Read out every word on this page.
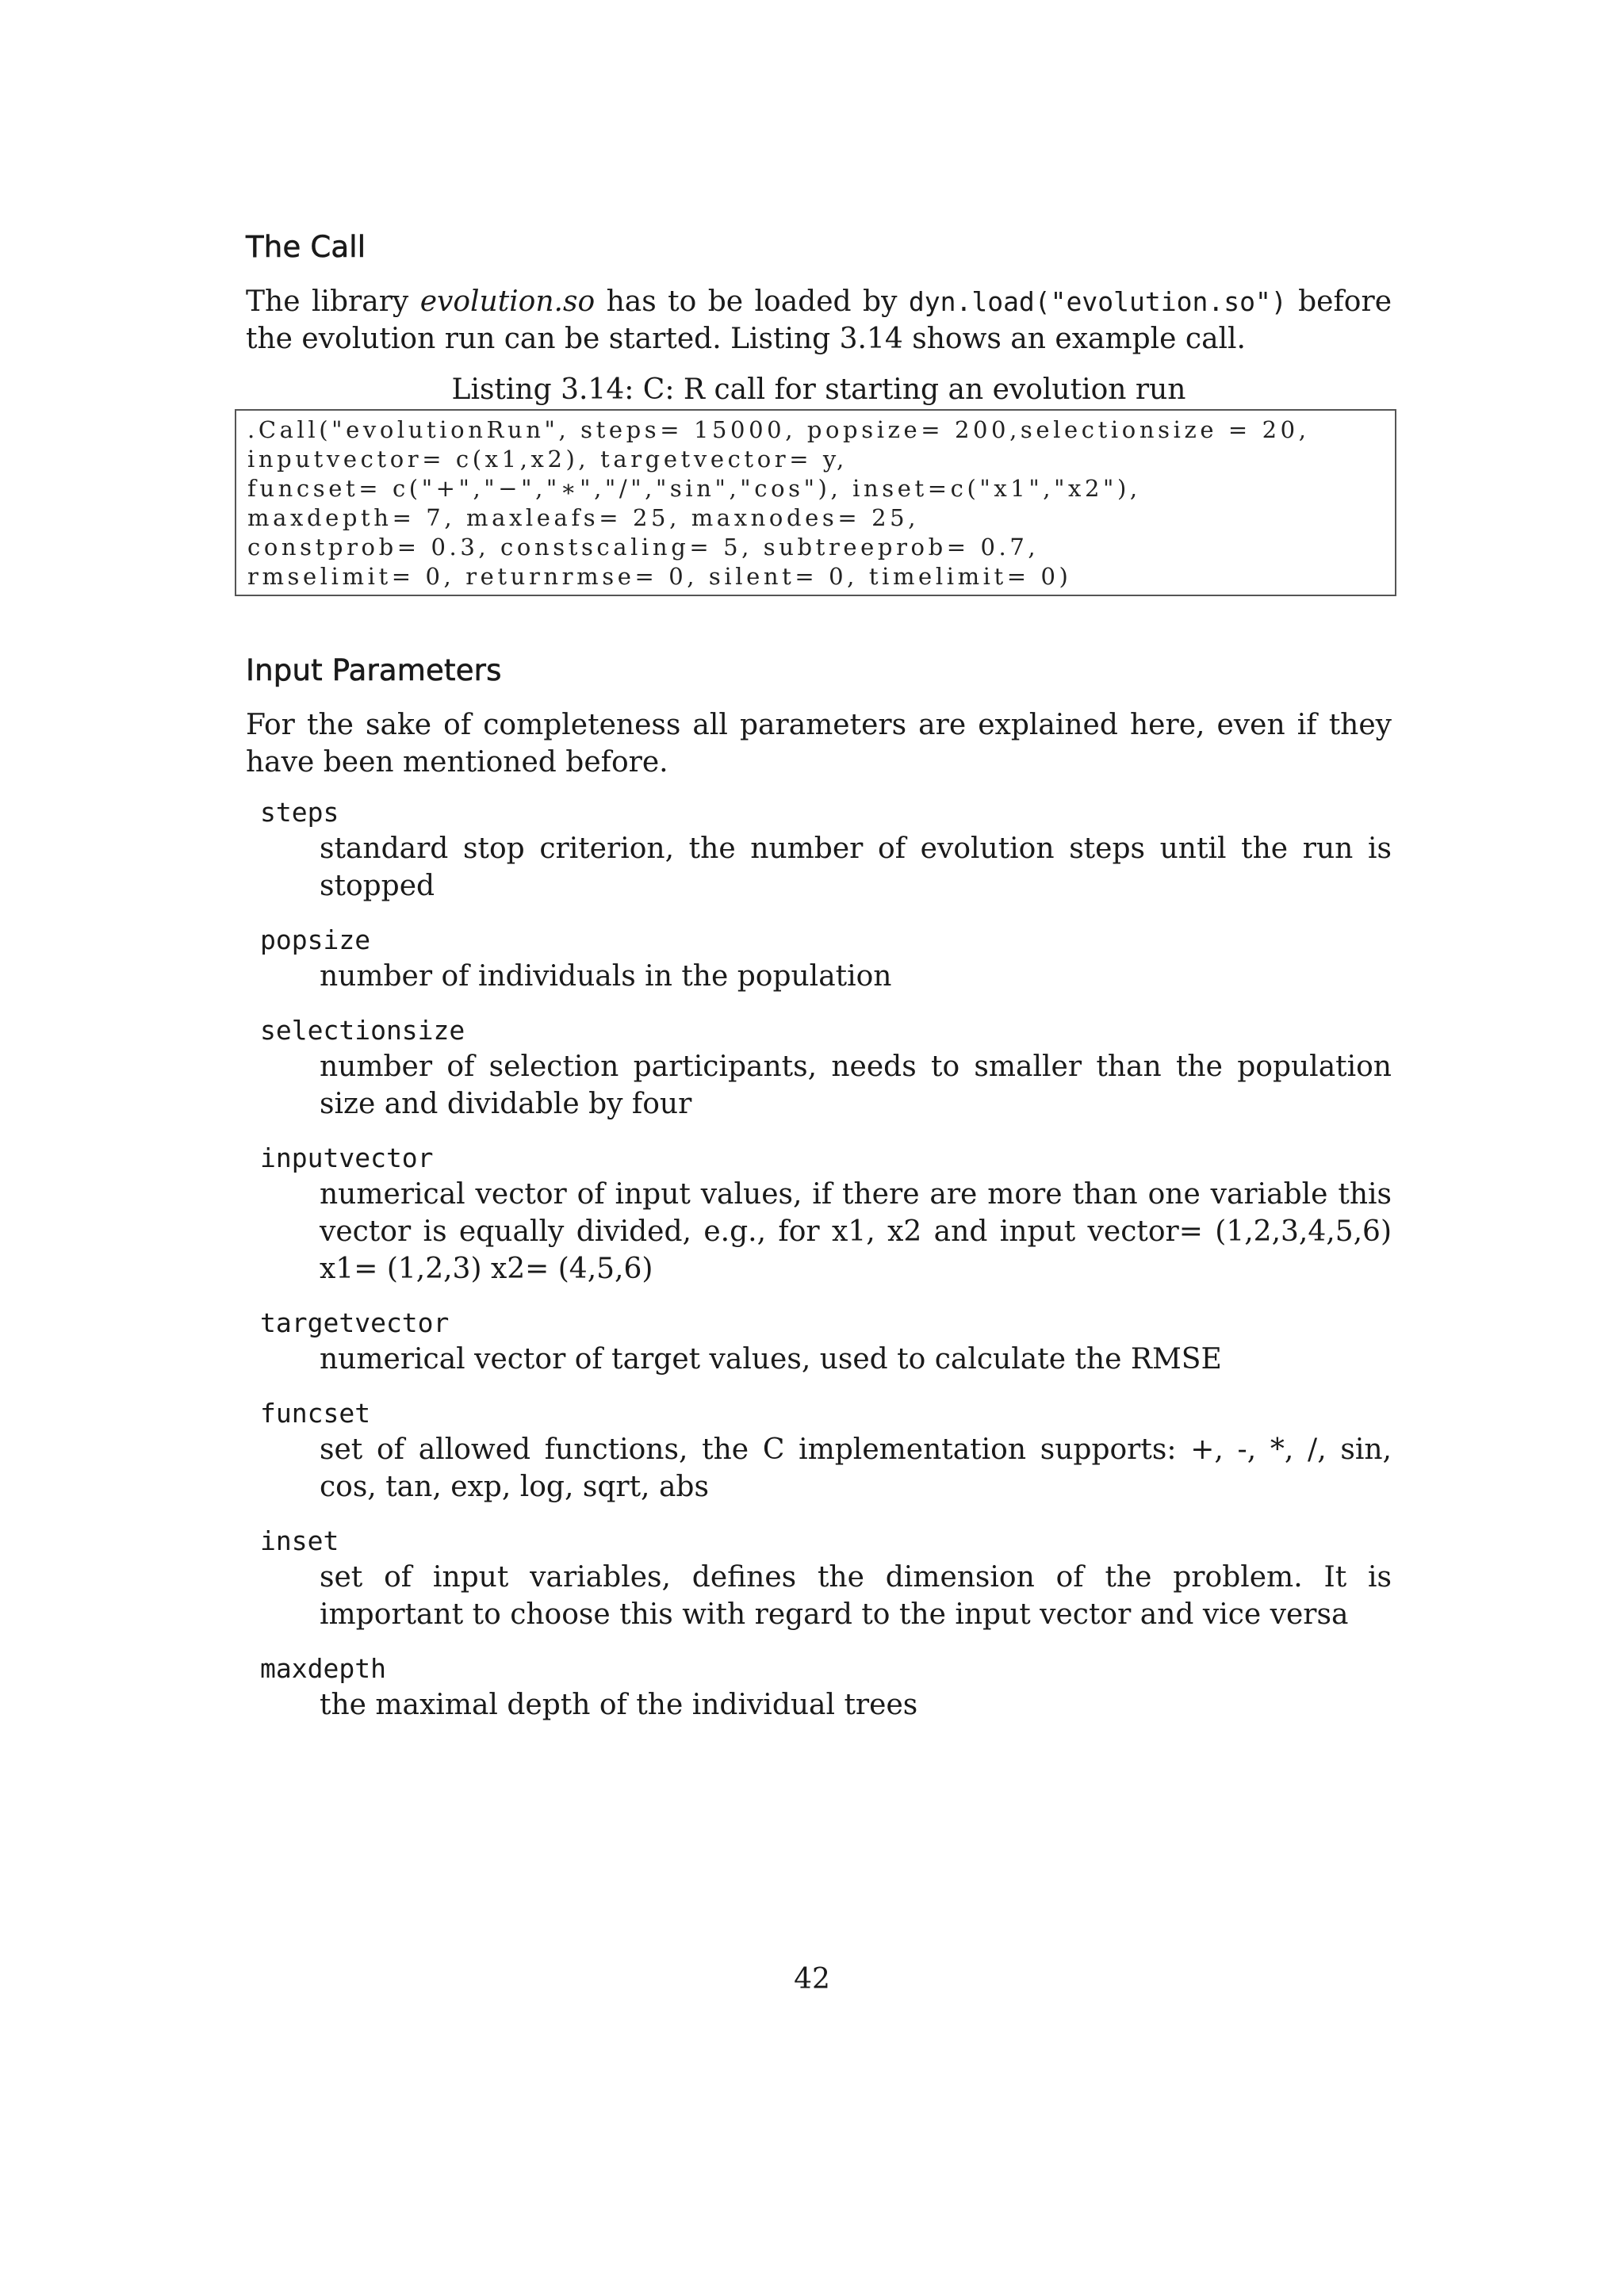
The Call

The library evolution.so has to be loaded by dyn.load("evolution.so") before the evolution run can be started. Listing 3.14 shows an example call.

Listing 3.14: C: R call for starting an evolution run

.Call("evolutionRun", steps= 15000, popsize= 200,selectionsize = 20,
inputvector= c(x1,x2), targetvector= y,
funcset= c("+","−","∗","/","sin","cos"), inset=c("x1","x2"),
maxdepth= 7, maxleafs= 25, maxnodes= 25,
constprob= 0.3, constscaling= 5, subtreeprob= 0.7,
rmselimit= 0, returnrmse= 0, silent= 0, timelimit= 0)
Input Parameters

For the sake of completeness all parameters are explained here, even if they have been mentioned before.

steps
standard stop criterion, the number of evolution steps until the run is stopped
popsize
number of individuals in the population
selectionsize
number of selection participants, needs to smaller than the population size and dividable by four
inputvector
numerical vector of input values, if there are more than one variable this vector is equally divided, e.g., for x1, x2 and input vector= (1,2,3,4,5,6) x1= (1,2,3) x2= (4,5,6)
targetvector
numerical vector of target values, used to calculate the RMSE
funcset
set of allowed functions, the C implementation supports: +, -, *, /, sin, cos, tan, exp, log, sqrt, abs
inset
set of input variables, defines the dimension of the problem. It is important to choose this with regard to the input vector and vice versa
maxdepth
the maximal depth of the individual trees
42
